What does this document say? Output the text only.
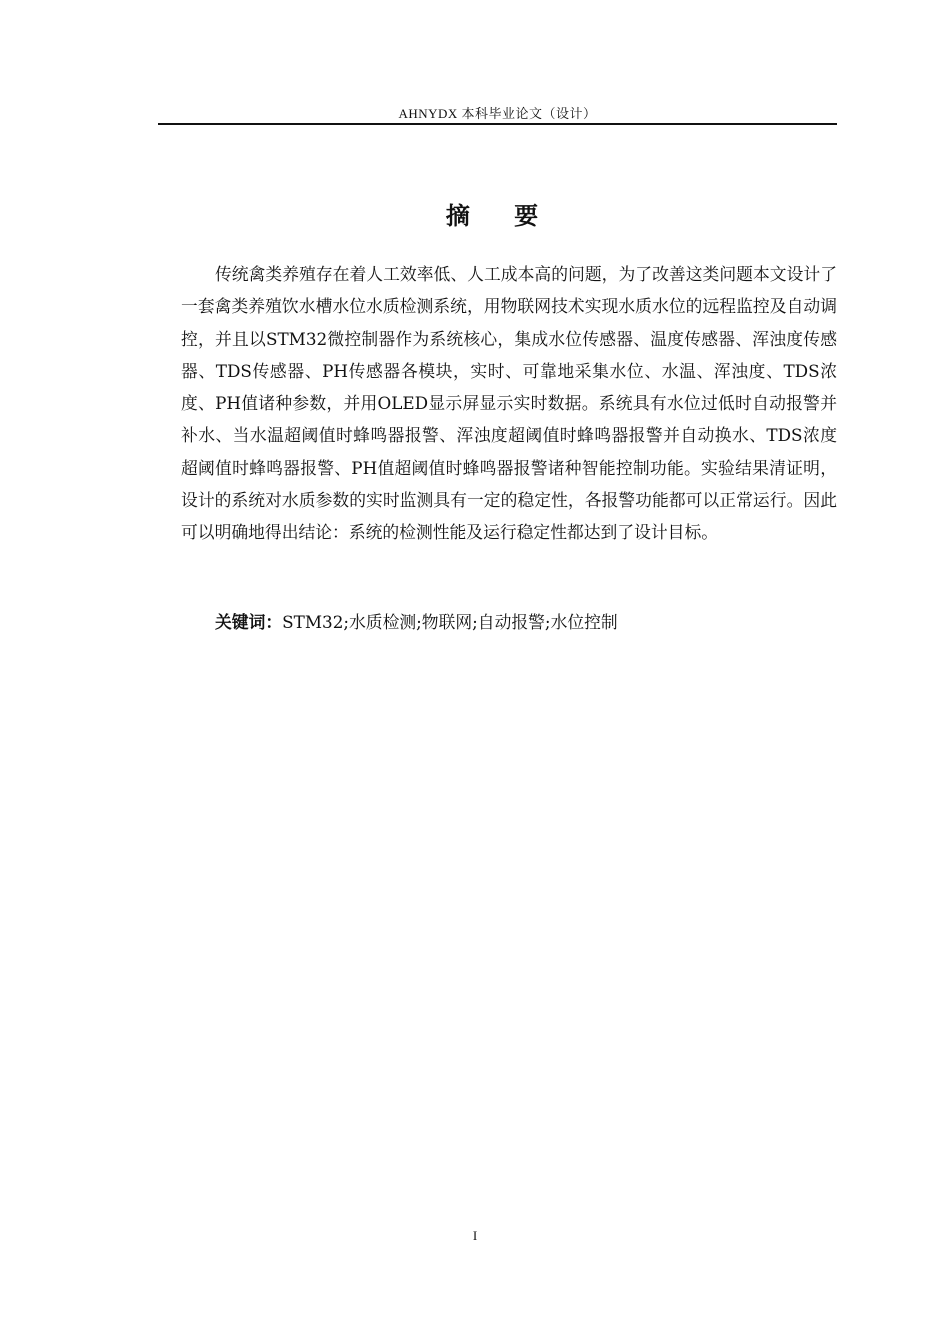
AHNYDX 本科毕业论文（设计）
摘 要

传统禽类养殖存在着人工效率低、人工成本高的问题，为了改善这类问题本文设计了一套禽类养殖饮水槽水位水质检测系统，用物联网技术实现水质水位的远程监控及自动调控，并且以STM32微控制器作为系统核心，集成水位传感器、温度传感器、浑浊度传感器、TDS传感器、PH传感器各模块，实时、可靠地采集水位、水温、浑浊度、TDS浓度、PH值诸种参数，并用OLED显示屏显示实时数据。系统具有水位过低时自动报警并补水、当水温超阈值时蜂鸣器报警、浑浊度超阈值时蜂鸣器报警并自动换水、TDS浓度超阈值时蜂鸣器报警、PH值超阈值时蜂鸣器报警诸种智能控制功能。实验结果清证明，设计的系统对水质参数的实时监测具有一定的稳定性，各报警功能都可以正常运行。因此可以明确地得出结论：系统的检测性能及运行稳定性都达到了设计目标。

关键词：STM32;水质检测;物联网;自动报警;水位控制
I
